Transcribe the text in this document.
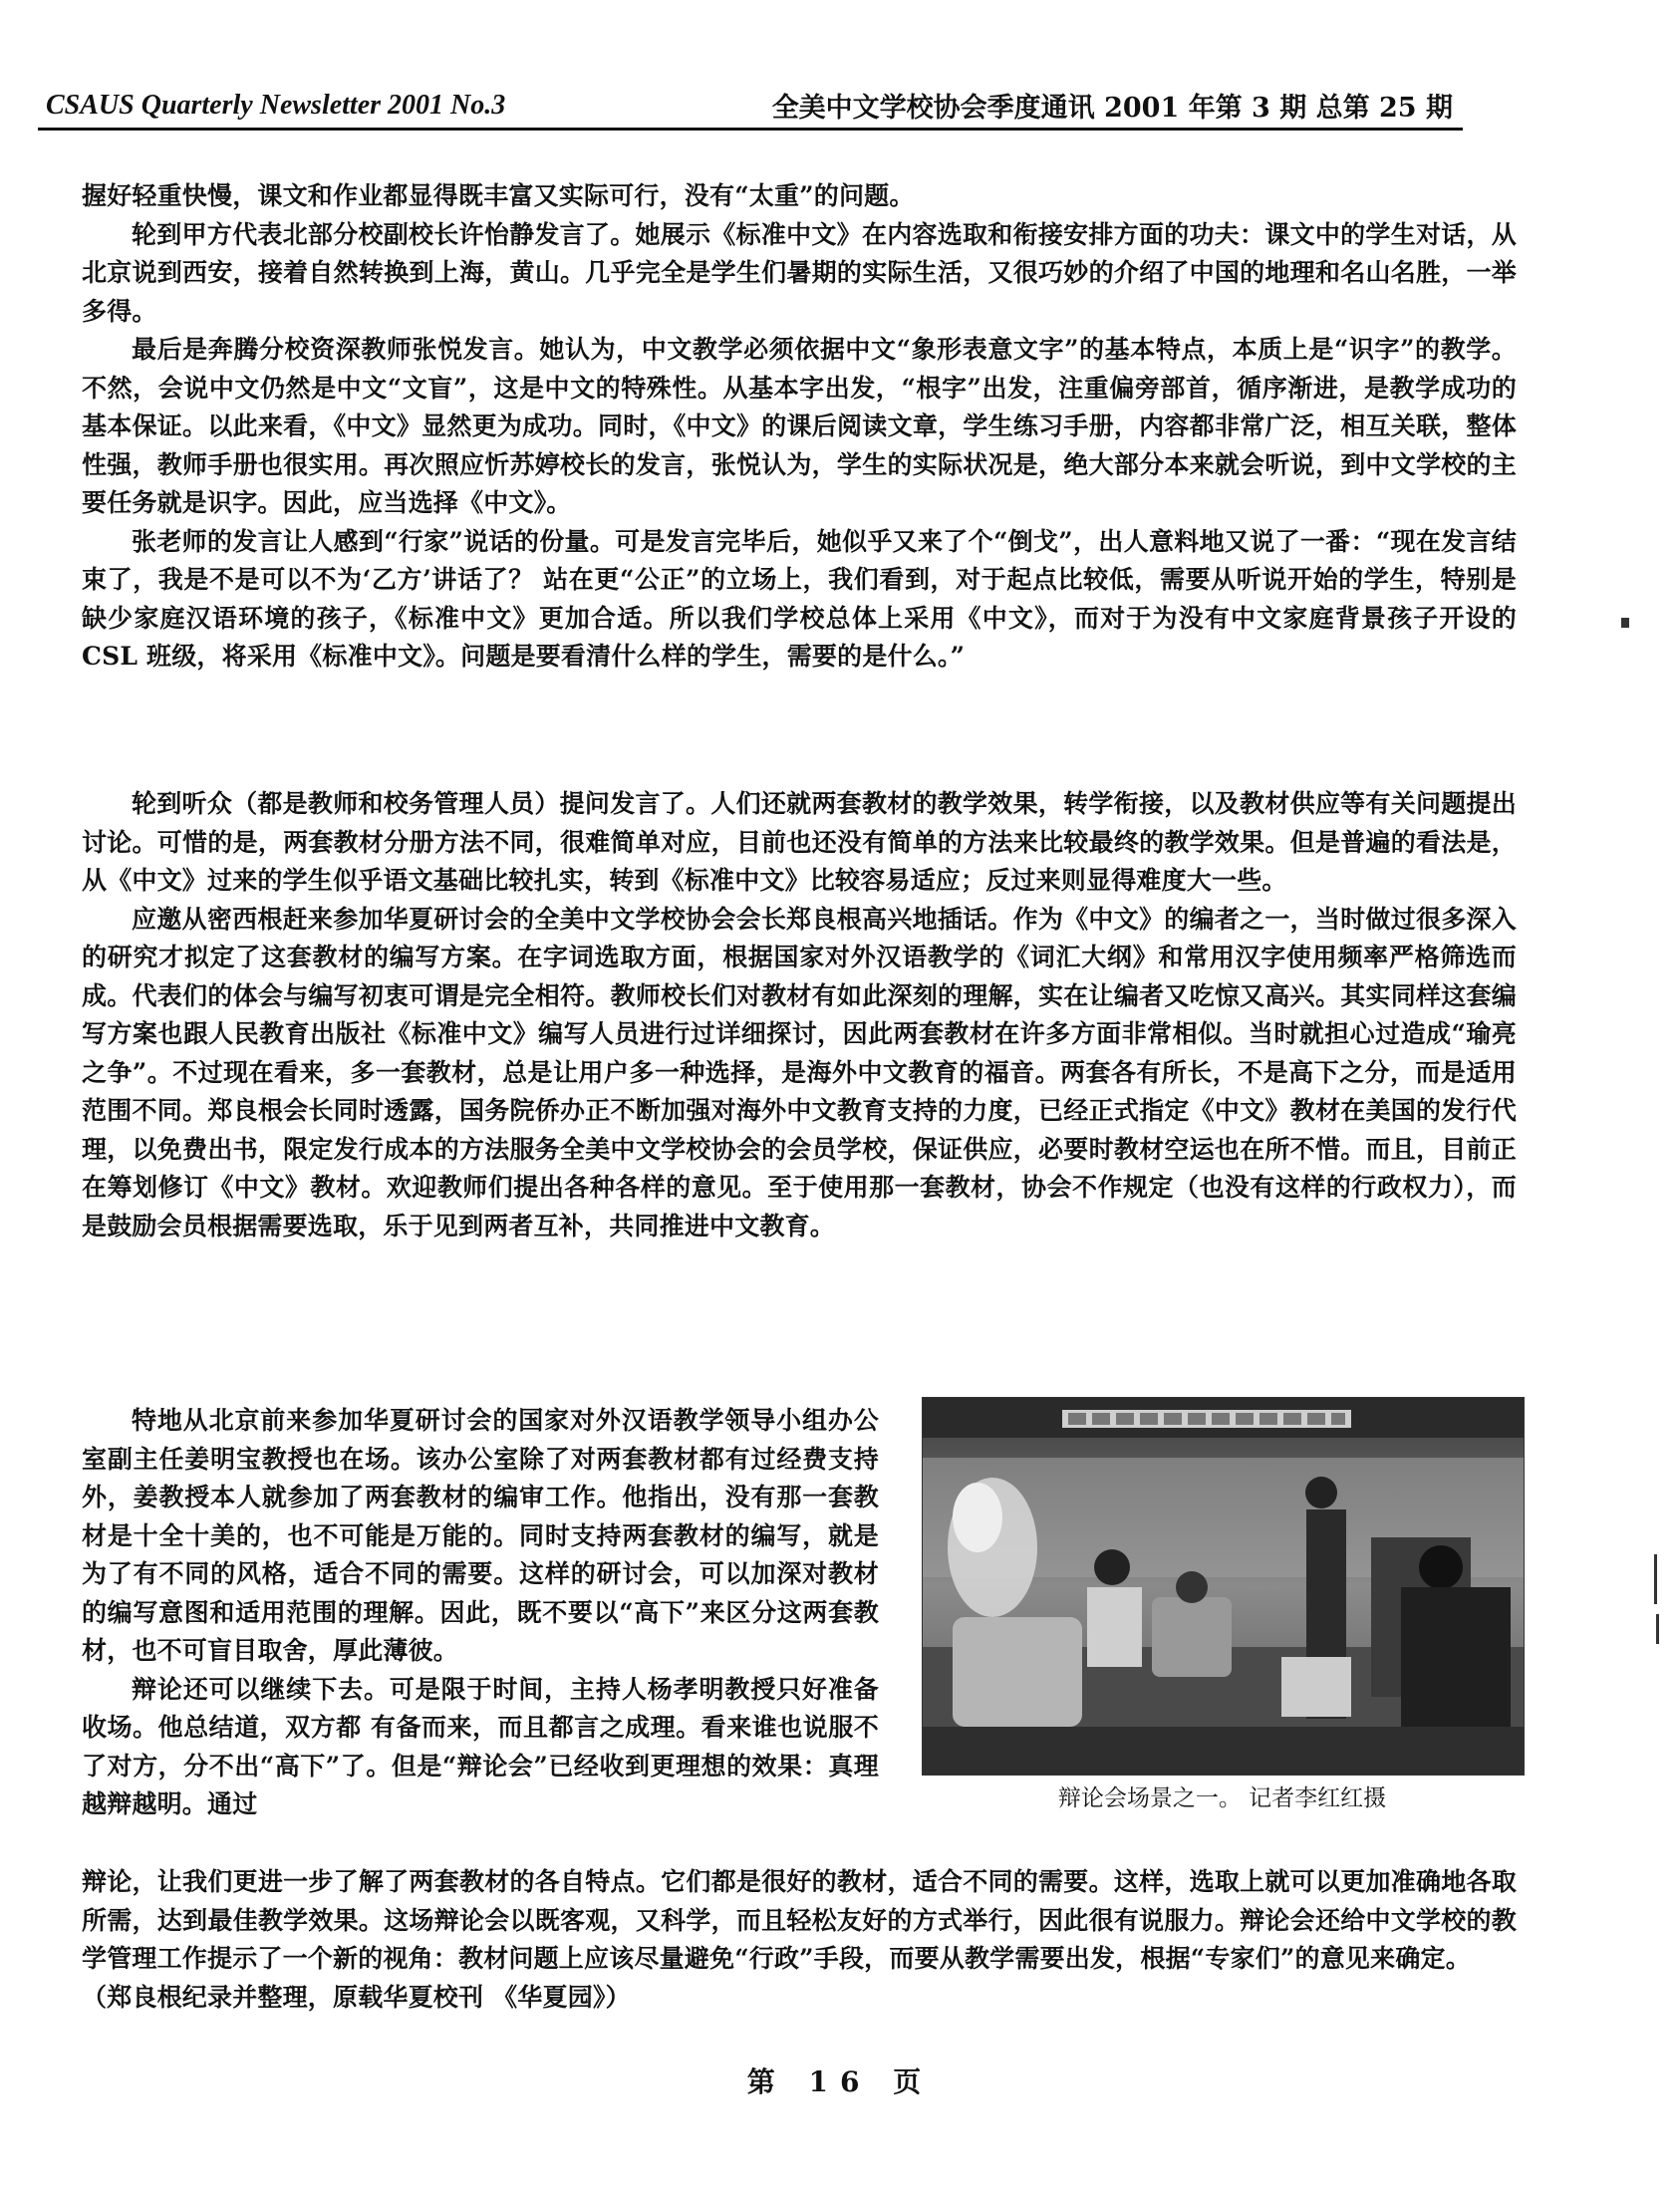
CSAUS Quarterly Newsletter 2001 No.3	全美中文学校协会季度通讯 2001 年第 3 期 总第 25 期

握好轻重快慢，课文和作业都显得既丰富又实际可行，没有“太重”的问题。

轮到甲方代表北部分校副校长许怡静发言了。她展示《标准中文》在内容选取和衔接安排方面的功夫：课文中的学生对话，从北京说到西安，接着自然转换到上海，黄山。几乎完全是学生们暑期的实际生活，又很巧妙的介绍了中国的地理和名山名胜，一举多得。

最后是奔腾分校资深教师张悦发言。她认为，中文教学必须依据中文“象形表意文字”的基本特点，本质上是“识字”的教学。不然，会说中文仍然是中文“文盲”，这是中文的特殊性。从基本字出发，“根字”出发，注重偏旁部首，循序渐进，是教学成功的基本保证。以此来看，《中文》显然更为成功。同时，《中文》的课后阅读文章，学生练习手册，内容都非常广泛，相互关联，整体性强，教师手册也很实用。再次照应忻苏婷校长的发言，张悦认为，学生的实际状况是，绝大部分本来就会听说，到中文学校的主要任务就是识字。因此，应当选择《中文》。

张老师的发言让人感到“行家”说话的份量。可是发言完毕后，她似乎又来了个“倒戈”，出人意料地又说了一番：“现在发言结束了，我是不是可以不为‘乙方’讲话了？ 站在更“公正”的立场上，我们看到，对于起点比较低，需要从听说开始的学生，特别是缺少家庭汉语环境的孩子，《标准中文》更加合适。所以我们学校总体上采用《中文》，而对于为没有中文家庭背景孩子开设的 CSL 班级，将采用《标准中文》。问题是要看清什么样的学生，需要的是什么。”

轮到听众（都是教师和校务管理人员）提问发言了。人们还就两套教材的教学效果，转学衔接，以及教材供应等有关问题提出讨论。可惜的是，两套教材分册方法不同，很难简单对应，目前也还没有简单的方法来比较最终的教学效果。但是普遍的看法是，从《中文》过来的学生似乎语文基础比较扎实，转到《标准中文》比较容易适应；反过来则显得难度大一些。

应邀从密西根赶来参加华夏研讨会的全美中文学校协会会长郑良根高兴地插话。作为《中文》的编者之一，当时做过很多深入的研究才拟定了这套教材的编写方案。在字词选取方面，根据国家对外汉语教学的《词汇大纲》和常用汉字使用频率严格筛选而成。代表们的体会与编写初衷可谓是完全相符。教师校长们对教材有如此深刻的理解，实在让编者又吃惊又高兴。其实同样这套编写方案也跟人民教育出版社《标准中文》编写人员进行过详细探讨，因此两套教材在许多方面非常相似。当时就担心过造成“瑜亮之争”。不过现在看来，多一套教材，总是让用户多一种选择，是海外中文教育的福音。两套各有所长，不是高下之分，而是适用范围不同。郑良根会长同时透露，国务院侨办正不断加强对海外中文教育支持的力度，已经正式指定《中文》教材在美国的发行代理，以免费出书，限定发行成本的方法服务全美中文学校协会的会员学校，保证供应，必要时教材空运也在所不惜。而且，目前正在筹划修订《中文》教材。欢迎教师们提出各种各样的意见。至于使用那一套教材，协会不作规定（也没有这样的行政权力），而是鼓励会员根据需要选取，乐于见到两者互补，共同推进中文教育。

特地从北京前来参加华夏研讨会的国家对外汉语教学领导小组办公室副主任姜明宝教授也在场。该办公室除了对两套教材都有过经费支持外，姜教授本人就参加了两套教材的编审工作。他指出，没有那一套教材是十全十美的，也不可能是万能的。同时支持两套教材的编写，就是为了有不同的风格，适合不同的需要。这样的研讨会，可以加深对教材的编写意图和适用范围的理解。因此，既不要以“高下”来区分这两套教材，也不可盲目取舍，厚此薄彼。

辩论还可以继续下去。可是限于时间，主持人杨孝明教授只好准备收场。他总结道，双方都 有备而来，而且都言之成理。看来谁也说服不了对方，分不出“高下”了。但是“辩论会”已经收到更理想的效果：真理越辩越明。通过	辩论会场景之一。 记者李红红摄

辩论，让我们更进一步了解了两套教材的各自特点。它们都是很好的教材，适合不同的需要。这样，选取上就可以更加准确地各取所需，达到最佳教学效果。这场辩论会以既客观，又科学，而且轻松友好的方式举行，因此很有说服力。辩论会还给中文学校的教学管理工作提示了一个新的视角：教材问题上应该尽量避免“行政”手段，而要从教学需要出发，根据“专家们”的意见来确定。

（郑良根纪录并整理，原载华夏校刊 《华夏园》）

第 16 页
